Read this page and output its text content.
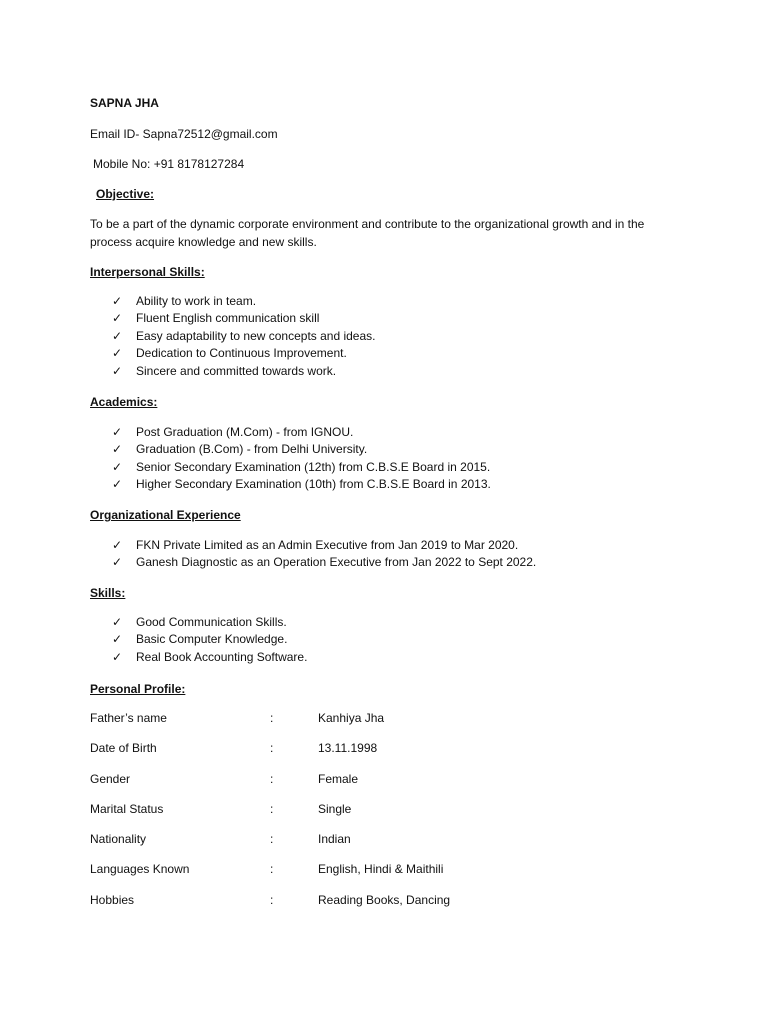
SAPNA JHA
Email ID- Sapna72512@gmail.com
Mobile No: +91 8178127284
Objective:
To be a part of the dynamic corporate environment and contribute to the organizational growth and in the process acquire knowledge and new skills.
Interpersonal Skills:
✓ Ability to work in team.
✓ Fluent English communication skill
✓ Easy adaptability to new concepts and ideas.
✓ Dedication to Continuous Improvement.
✓ Sincere and committed towards work.
Academics:
✓ Post Graduation (M.Com) - from IGNOU.
✓ Graduation (B.Com) - from Delhi University.
✓ Senior Secondary Examination (12th) from C.B.S.E Board in 2015.
✓ Higher Secondary Examination (10th) from C.B.S.E Board in 2013.
Organizational Experience
✓ FKN Private Limited as an Admin Executive from Jan 2019 to Mar 2020.
✓ Ganesh Diagnostic as an Operation Executive from Jan 2022 to Sept 2022.
Skills:
✓ Good Communication Skills.
✓ Basic Computer Knowledge.
✓ Real Book Accounting Software.
Personal Profile:
Father’s name	:	Kanhiya Jha
Date of Birth	:	13.11.1998
Gender	:	Female
Marital Status	:	Single
Nationality	:	Indian
Languages Known	:	English, Hindi & Maithili
Hobbies	:	Reading Books, Dancing
